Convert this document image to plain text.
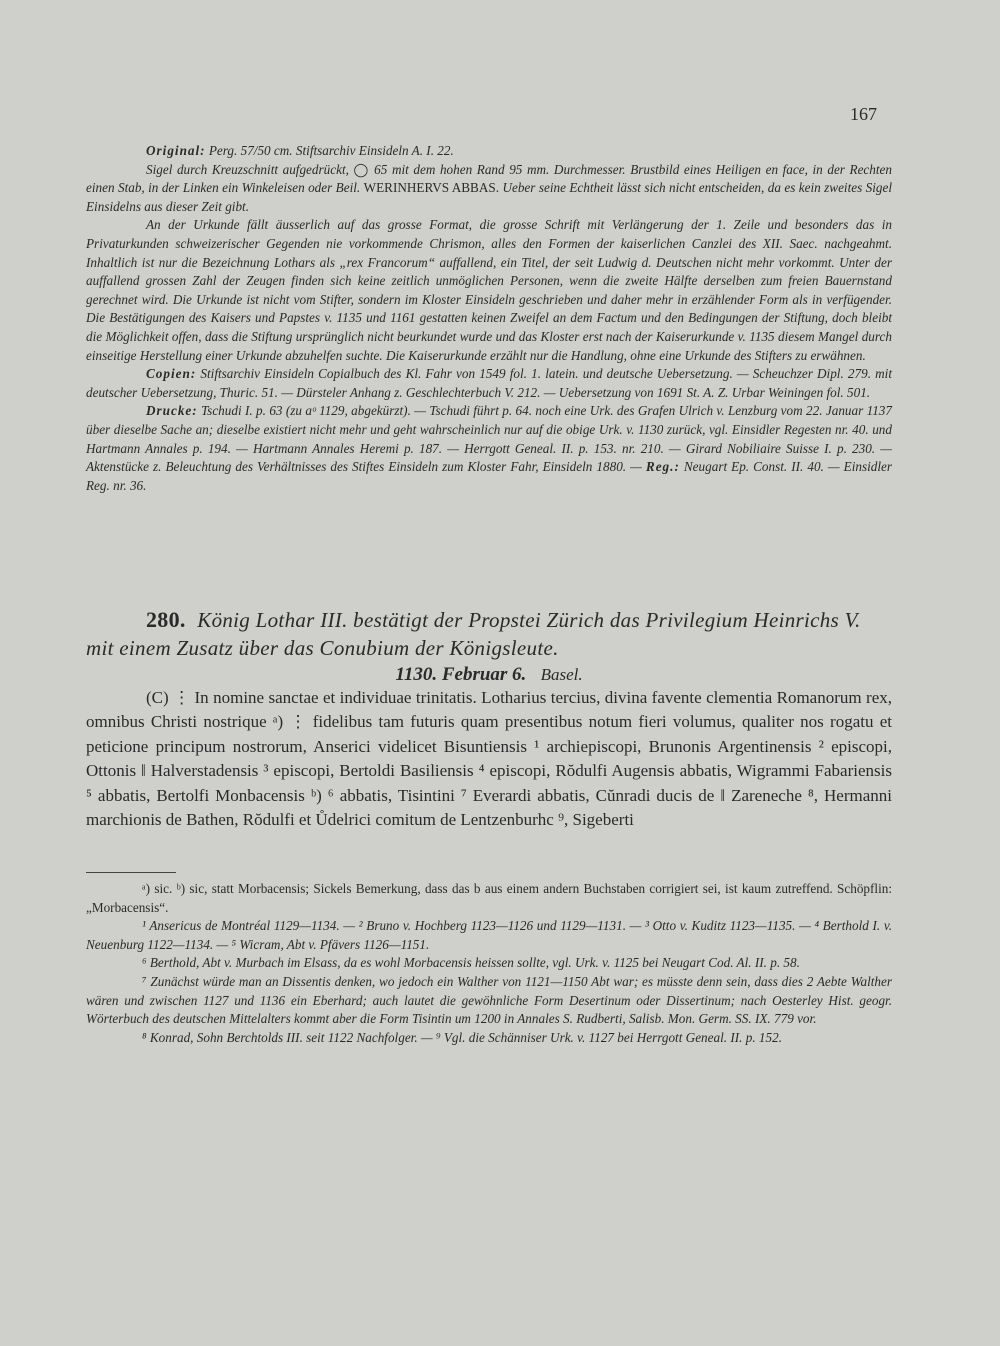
167

Original: Perg. 57/50 cm. Stiftsarchiv Einsideln A. I. 22.

Sigel durch Kreuzschnitt aufgedrückt, ◯ 65 mit dem hohen Rand 95 mm. Durchmesser. Brustbild eines Heiligen en face, in der Rechten einen Stab, in der Linken ein Winkeleisen oder Beil. WERINHERVS ABBAS. Ueber seine Echtheit lässt sich nicht entscheiden, da es kein zweites Sigel Einsidelns aus dieser Zeit gibt.

An der Urkunde fällt äusserlich auf das grosse Format, die grosse Schrift mit Verlängerung der 1. Zeile und besonders das in Privaturkunden schweizerischer Gegenden nie vorkommende Chrismon, alles den Formen der kaiserlichen Canzlei des XII. Saec. nachgeahmt. Inhaltlich ist nur die Bezeichnung Lothars als „rex Francorum“ auffallend, ein Titel, der seit Ludwig d. Deutschen nicht mehr vorkommt. Unter der auffallend grossen Zahl der Zeugen finden sich keine zeitlich unmöglichen Personen, wenn die zweite Hälfte derselben zum freien Bauernstand gerechnet wird. Die Urkunde ist nicht vom Stifter, sondern im Kloster Einsideln geschrieben und daher mehr in erzählender Form als in verfügender. Die Bestätigungen des Kaisers und Papstes v. 1135 und 1161 gestatten keinen Zweifel an dem Factum und den Bedingungen der Stiftung, doch bleibt die Möglichkeit offen, dass die Stiftung ursprünglich nicht beurkundet wurde und das Kloster erst nach der Kaiserurkunde v. 1135 diesem Mangel durch einseitige Herstellung einer Urkunde abzuhelfen suchte. Die Kaiserurkunde erzählt nur die Handlung, ohne eine Urkunde des Stifters zu erwähnen.

Copien: Stiftsarchiv Einsideln Copialbuch des Kl. Fahr von 1549 fol. 1. latein. und deutsche Uebersetzung. — Scheuchzer Dipl. 279. mit deutscher Uebersetzung, Thuric. 51. — Dürsteler Anhang z. Geschlechterbuch V. 212. — Uebersetzung von 1691 St. A. Z. Urbar Weiningen fol. 501.

Drucke: Tschudi I. p. 63 (zu aᵒ 1129, abgekürzt). — Tschudi führt p. 64. noch eine Urk. des Grafen Ulrich v. Lenzburg vom 22. Januar 1137 über dieselbe Sache an; dieselbe existiert nicht mehr und geht wahrscheinlich nur auf die obige Urk. v. 1130 zurück, vgl. Einsidler Regesten nr. 40. und Hartmann Annales p. 194. — Hartmann Annales Heremi p. 187. — Herrgott Geneal. II. p. 153. nr. 210. — Girard Nobiliaire Suisse I. p. 230. — Aktenstücke z. Beleuchtung des Verhältnisses des Stiftes Einsideln zum Kloster Fahr, Einsideln 1880. — Reg.: Neugart Ep. Const. II. 40. — Einsidler Reg. nr. 36.

280. König Lothar III. bestätigt der Propstei Zürich das Privilegium Heinrichs V. mit einem Zusatz über das Conubium der Königsleute.
1130. Februar 6. Basel.

(C) ⋮ In nomine sanctae et individuae trinitatis. Lotharius tercius, divina favente clementia Romanorum rex, omnibus Christi nostrique ᵃ) ⋮ fidelibus tam futuris quam presentibus notum fieri volumus, qualiter nos rogatu et peticione principum nostrorum, Anserici videlicet Bisuntiensis ¹ archiepiscopi, Brunonis Argentinensis ² episcopi, Ottonis ‖ Halverstadensis ³ episcopi, Bertoldi Basiliensis ⁴ episcopi, Rŏdulfi Augensis abbatis, Wigrammi Fabariensis ⁵ abbatis, Bertolfi Monbacensis ᵇ) ⁶ abbatis, Tisintini ⁷ Everardi abbatis, Cŭnradi ducis de ‖ Zareneche ⁸, Hermanni marchionis de Bathen, Rŏdulfi et Ůdelrici comitum de Lentzenburhc ⁹, Sigeberti

ᵃ) sic. ᵇ) sic, statt Morbacensis; Sickels Bemerkung, dass das b aus einem andern Buchstaben corrigiert sei, ist kaum zutreffend. Schöpflin: „Morbacensis“.

¹ Ansericus de Montréal 1129—1134. — ² Bruno v. Hochberg 1123—1126 und 1129—1131. — ³ Otto v. Kuditz 1123—1135. — ⁴ Berthold I. v. Neuenburg 1122—1134. — ⁵ Wicram, Abt v. Pfävers 1126—1151.

⁶ Berthold, Abt v. Murbach im Elsass, da es wohl Morbacensis heissen sollte, vgl. Urk. v. 1125 bei Neugart Cod. Al. II. p. 58.

⁷ Zunächst würde man an Dissentis denken, wo jedoch ein Walther von 1121—1150 Abt war; es müsste denn sein, dass dies 2 Aebte Walther wären und zwischen 1127 und 1136 ein Eberhard; auch lautet die gewöhnliche Form Desertinum oder Dissertinum; nach Oesterley Hist. geogr. Wörterbuch des deutschen Mittelalters kommt aber die Form Tisintin um 1200 in Annales S. Rudberti, Salisb. Mon. Germ. SS. IX. 779 vor.

⁸ Konrad, Sohn Berchtolds III. seit 1122 Nachfolger. — ⁹ Vgl. die Schänniser Urk. v. 1127 bei Herrgott Geneal. II. p. 152.
